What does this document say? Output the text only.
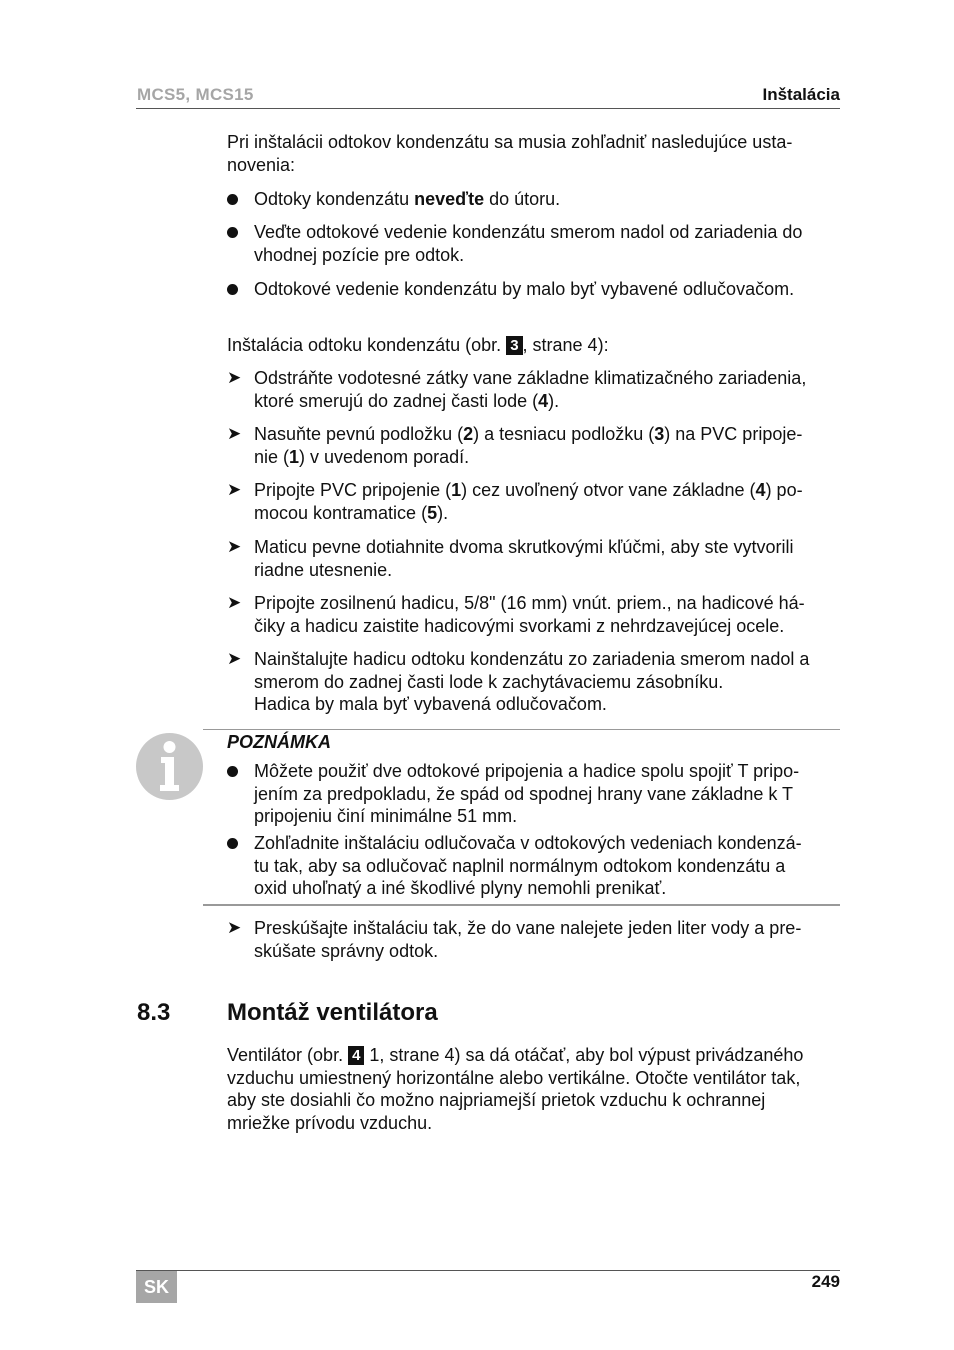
MCS5, MCS15	Inštalácia

Pri inštalácii odtokov kondenzátu sa musia zohľadniť nasledujúce usta-
novenia:

Odtoky kondenzátu neveďte do útoru.
Veďte odtokové vedenie kondenzátu smerom nadol od zariadenia do
vhodnej pozície pre odtok.
Odtokové vedenie kondenzátu by malo byť vybavené odlučovačom.

Inštalácia odtoku kondenzátu (obr. 3 , strane 4):

➤ Odstráňte vodotesné zátky vane základne klimatizačného zariadenia,
ktoré smerujú do zadnej časti lode (4).
➤ Nasuňte pevnú podložku (2) a tesniacu podložku (3) na PVC pripoje-
nie (1) v uvedenom poradí.
➤ Pripojte PVC pripojenie (1) cez uvoľnený otvor vane základne (4) po-
mocou kontramatice (5).
➤ Maticu pevne dotiahnite dvoma skrutkovými kľúčmi, aby ste vytvorili
riadne utesnenie.
➤ Pripojte zosilnenú hadicu, 5/8" (16 mm) vnút. priem., na hadicové há-
čiky a hadicu zaistite hadicovými svorkami z nehrdzavejúcej ocele.
➤ Nainštalujte hadicu odtoku kondenzátu zo zariadenia smerom nadol a
smerom do zadnej časti lode k zachytávaciemu zásobníku.
Hadica by mala byť vybavená odlučovačom.
POZNÁMKA
Môžete použiť dve odtokové pripojenia a hadice spolu spojiť T pripo-
jením za predpokladu, že spád od spodnej hrany vane základne k T
pripojeniu činí minimálne 51 mm.
Zohľadnite inštaláciu odlučovača v odtokových vedeniach kondenzá-
tu tak, aby sa odlučovač naplnil normálnym odtokom kondenzátu a
oxid uhoľnatý a iné škodlivé plyny nemohli prenikať.
➤ Preskúšajte inštaláciu tak, že do vane nalejete jeden liter vody a pre-
skúšate správny odtok.
8.3 Montáž ventilátora

Ventilátor (obr. 4 1, strane 4) sa dá otáčať, aby bol výpust privádzaného
vzduchu umiestnený horizontálne alebo vertikálne. Otočte ventilátor tak,
aby ste dosiahli čo možno najpriamejší prietok vzduchu k ochrannej
mriežke prívodu vzduchu.

SK	249
